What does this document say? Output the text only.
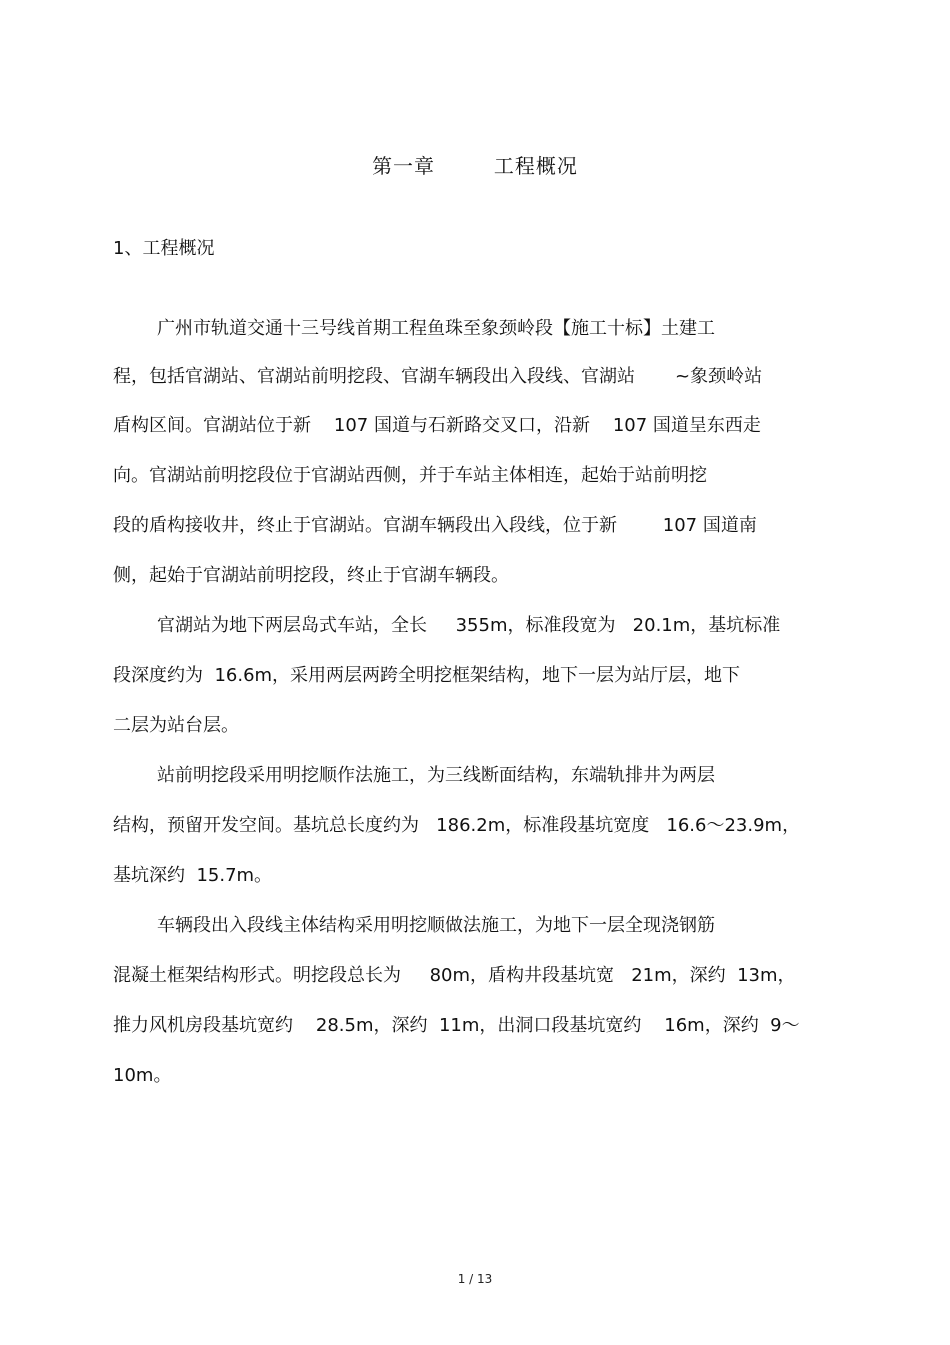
第一章        工程概况
1、工程概况
广州市轨道交通十三号线首期工程鱼珠至象颈岭段【施工十标】土建工
程，包括官湖站、官湖站前明挖段、官湖车辆段出入段线、官湖站       ~象颈岭站
盾构区间。官湖站位于新    107 国道与石新路交叉口，沿新    107 国道呈东西走
向。官湖站前明挖段位于官湖站西侧，并于车站主体相连，起始于站前明挖
段的盾构接收井，终止于官湖站。官湖车辆段出入段线，位于新        107 国道南
侧，起始于官湖站前明挖段，终止于官湖车辆段。
官湖站为地下两层岛式车站，全长     355m，标准段宽为   20.1m，基坑标准
段深度约为  16.6m，采用两层两跨全明挖框架结构，地下一层为站厅层，地下
二层为站台层。
站前明挖段采用明挖顺作法施工，为三线断面结构，东端轨排井为两层
结构，预留开发空间。基坑总长度约为   186.2m，标准段基坑宽度   16.6～23.9m，
基坑深约  15.7m。
车辆段出入段线主体结构采用明挖顺做法施工，为地下一层全现浇钢筋
混凝土框架结构形式。明挖段总长为     80m，盾构井段基坑宽   21m，深约  13m，
推力风机房段基坑宽约    28.5m，深约  11m，出洞口段基坑宽约    16m，深约  9～
10m。
1 / 13
